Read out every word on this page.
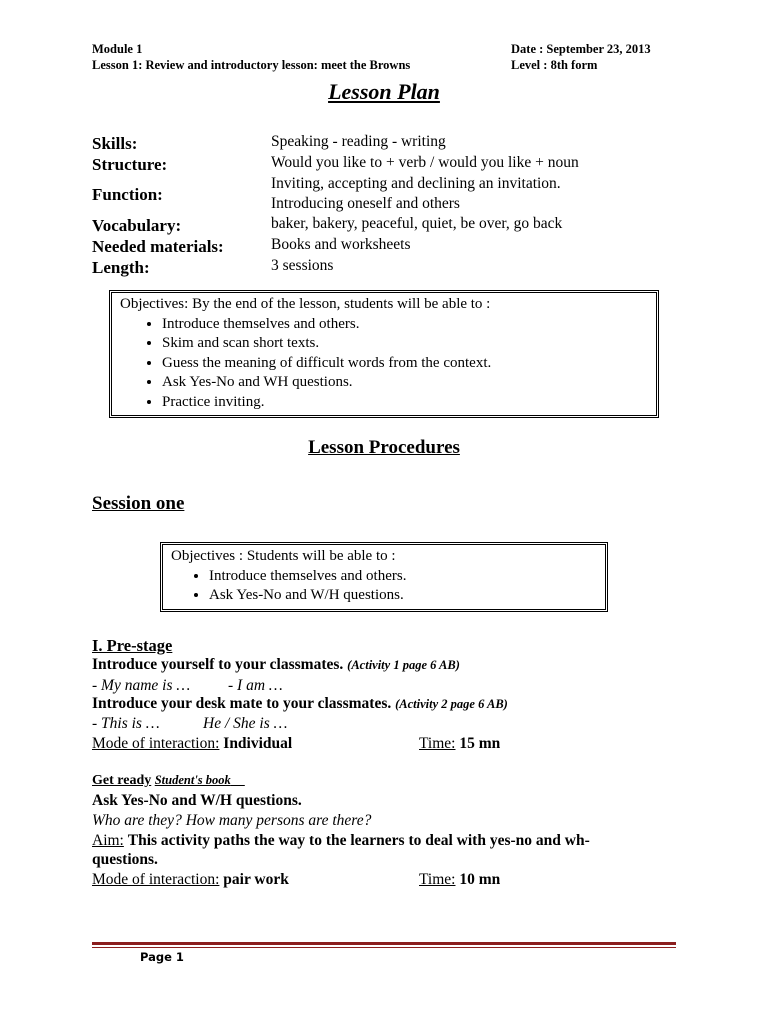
Module 1	Date : September 23, 2013
Lesson 1: Review and introductory lesson: meet the Browns	Level : 8th form
Lesson Plan
Skills:	Speaking - reading - writing
Structure:	Would you like to + verb / would you like + noun
Function:
Inviting, accepting and declining an invitation.
Introducing oneself and others
Vocabulary:	baker, bakery, peaceful, quiet, be over, go back
Needed materials:	Books and worksheets
Length:	3 sessions
Objectives: By the end of the lesson, students will be able to :
• Introduce themselves and others.
• Skim and scan short texts.
• Guess the meaning of difficult words from the context.
• Ask Yes-No and WH questions.
• Practice inviting.
Lesson Procedures
Session one
Objectives : Students will be able to :
• Introduce themselves and others.
• Ask Yes-No and W/H questions.
I. Pre-stage
Introduce yourself to your classmates. (Activity 1 page 6 AB)
- My name is … - I am …
Introduce your desk mate to your classmates. (Activity 2 page 6 AB)
- This is …	He / She is …
Mode of interaction: Individual	Time: 15 mn
Get ready Student's book
Ask Yes-No and W/H questions.
Who are they? How many persons are there?
Aim: This activity paths the way to the learners to deal with yes-no and wh-
questions.
Mode of interaction: pair work	Time: 10 mn
Page 1
